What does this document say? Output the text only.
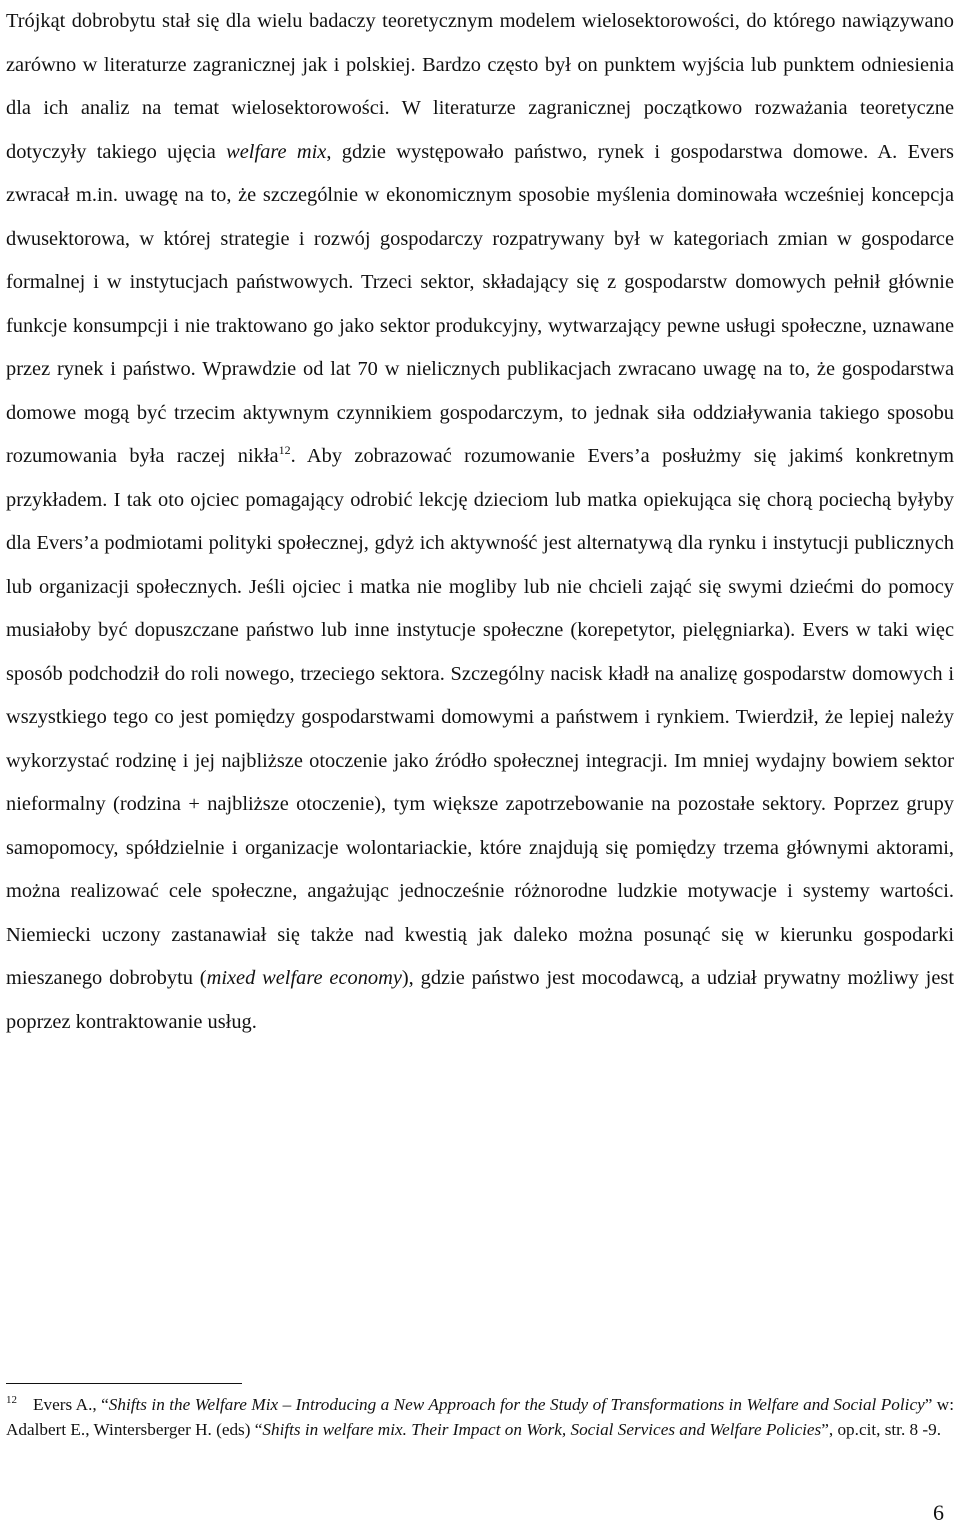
Trójkąt dobrobytu stał się dla wielu badaczy teoretycznym modelem wielosektorowości, do którego nawiązywano zarówno w literaturze zagranicznej jak i polskiej. Bardzo często był on punktem wyjścia lub punktem odniesienia dla ich analiz na temat wielosektorowości. W literaturze zagranicznej początkowo rozważania teoretyczne dotyczyły takiego ujęcia welfare mix, gdzie występowało państwo, rynek i gospodarstwa domowe. A. Evers zwracał m.in. uwagę na to, że szczególnie w ekonomicznym sposobie myślenia dominowała wcześniej koncepcja dwusektorowa, w której strategie i rozwój gospodarczy rozpatrywany był w kategoriach zmian w gospodarce formalnej i w instytucjach państwowych. Trzeci sektor, składający się z gospodarstw domowych pełnił głównie funkcje konsumpcji i nie traktowano go jako sektor produkcyjny, wytwarzający pewne usługi społeczne, uznawane przez rynek i państwo. Wprawdzie od lat 70 w nielicznych publikacjach zwracano uwagę na to, że gospodarstwa domowe mogą być trzecim aktywnym czynnikiem gospodarczym, to jednak siła oddziaływania takiego sposobu rozumowania była raczej nikła$^{12}$. Aby zobrazować rozumowanie Evers’a posłużmy się jakimś konkretnym przykładem. I tak oto ojciec pomagający odrobić lekcję dzieciom lub matka opiekująca się chorą pociechą byłyby dla Evers’a podmiotami polityki społecznej, gdyż ich aktywność jest alternatywą dla rynku i instytucji publicznych lub organizacji społecznych. Jeśli ojciec i matka nie mogliby lub nie chcieli zająć się swymi dziećmi do pomocy musiałoby być dopuszczane państwo lub inne instytucje społeczne (korepetytor, pielęgniarka). Evers w taki więc sposób podchodził do roli nowego, trzeciego sektora. Szczególny nacisk kładł na analizę gospodarstw domowych i wszystkiego tego co jest pomiędzy gospodarstwami domowymi a państwem i rynkiem. Twierdził, że lepiej należy wykorzystać rodzinę i jej najbliższe otoczenie jako źródło społecznej integracji. Im mniej wydajny bowiem sektor nieformalny (rodzina + najbliższe otoczenie), tym większe zapotrzebowanie na pozostałe sektory. Poprzez grupy samopomocy, spółdzielnie i organizacje wolontariackie, które znajdują się pomiędzy trzema głównymi aktorami, można realizować cele społeczne, angażując jednocześnie różnorodne ludzkie motywacje i systemy wartości. Niemiecki uczony zastanawiał się także nad kwestią jak daleko można posunąć się w kierunku gospodarki mieszanego dobrobytu (mixed welfare economy), gdzie państwo jest mocodawcą, a udział prywatny możliwy jest poprzez kontraktowanie usług.

$^{12}$ Evers A., “Shifts in the Welfare Mix – Introducing a New Approach for the Study of Transformations in Welfare and Social Policy” w: Adalbert E., Wintersberger H. (eds) “Shifts in welfare mix. Their Impact on Work, Social Services and Welfare Policies”, op.cit, str. 8 -9.

6
